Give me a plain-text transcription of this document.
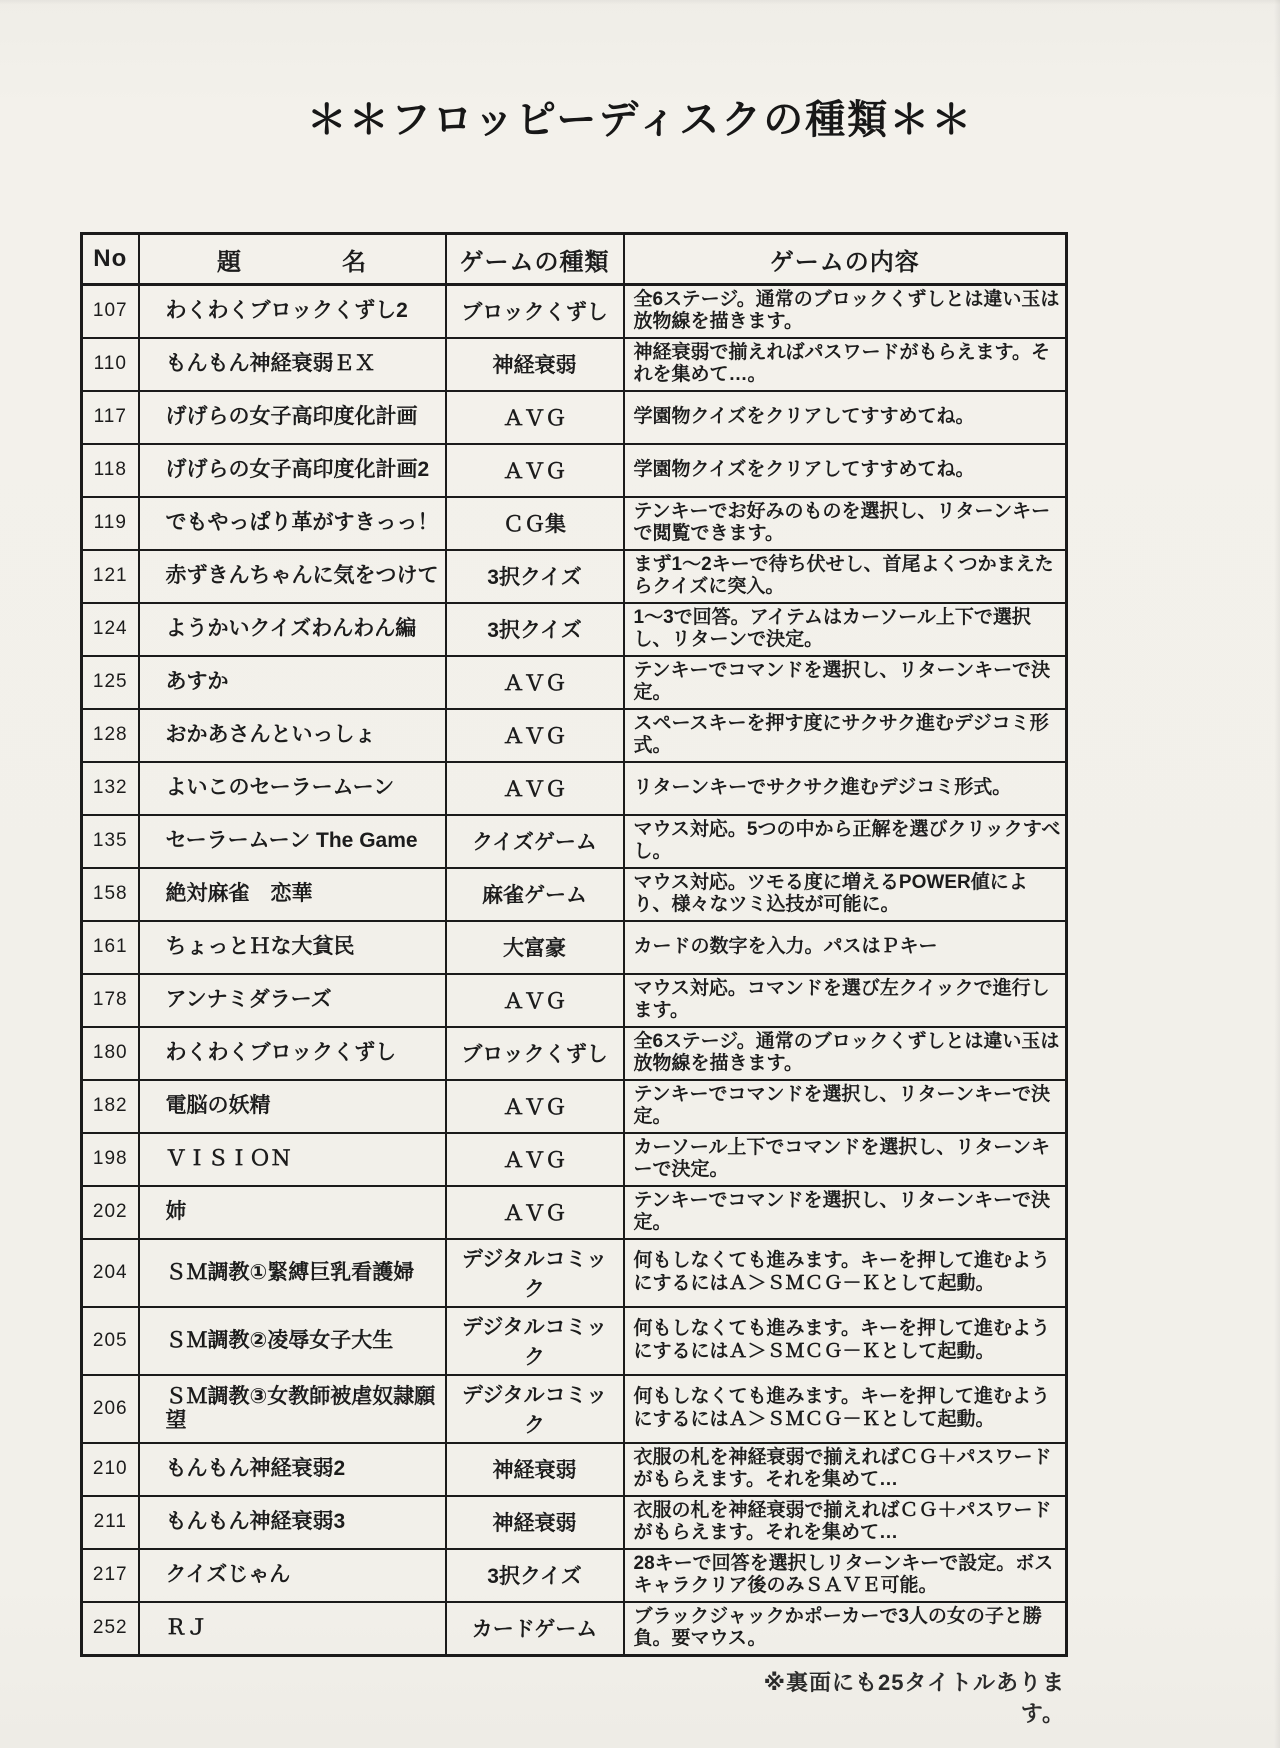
＊＊フロッピーディスクの種類＊＊
No	題　　　　名	ゲームの種類	ゲームの内容
107	わくわくブロックくずし2	ブロックくずし	全6ステージ。通常のブロックくずしとは違い玉は放物線を描きます。
110	もんもん神経衰弱ＥＸ	神経衰弱	神経衰弱で揃えればパスワードがもらえます。それを集めて…。
117	げげらの女子高印度化計画	ＡＶＧ	学園物クイズをクリアしてすすめてね。
118	げげらの女子高印度化計画2	ＡＶＧ	学園物クイズをクリアしてすすめてね。
119	でもやっぱり革がすきっっ！	ＣＧ集	テンキーでお好みのものを選択し、リターンキーで閲覧できます。
121	赤ずきんちゃんに気をつけて	3択クイズ	まず1～2キーで待ち伏せし、首尾よくつかまえたらクイズに突入。
124	ようかいクイズわんわん編	3択クイズ	1～3で回答。アイテムはカーソール上下で選択し、リターンで決定。
125	あすか	ＡＶＧ	テンキーでコマンドを選択し、リターンキーで決定。
128	おかあさんといっしょ	ＡＶＧ	スペースキーを押す度にサクサク進むデジコミ形式。
132	よいこのセーラームーン	ＡＶＧ	リターンキーでサクサク進むデジコミ形式。
135	セーラームーン The Game	クイズゲーム	マウス対応。5つの中から正解を選びクリックすべし。
158	絶対麻雀　恋華	麻雀ゲーム	マウス対応。ツモる度に増えるPOWER値により、様々なツミ込技が可能に。
161	ちょっとＨな大貧民	大富豪	カードの数字を入力。パスはＰキー
178	アンナミダラーズ	ＡＶＧ	マウス対応。コマンドを選び左クイックで進行します。
180	わくわくブロックくずし	ブロックくずし	全6ステージ。通常のブロックくずしとは違い玉は放物線を描きます。
182	電脳の妖精	ＡＶＧ	テンキーでコマンドを選択し、リターンキーで決定。
198	ＶＩＳＩＯＮ	ＡＶＧ	カーソール上下でコマンドを選択し、リターンキーで決定。
202	姉	ＡＶＧ	テンキーでコマンドを選択し、リターンキーで決定。
204	ＳＭ調教①緊縛巨乳看護婦	デジタルコミック	何もしなくても進みます。キーを押して進むようにするにはＡ＞ＳＭＣＧ－Ｋとして起動。
205	ＳＭ調教②凌辱女子大生	デジタルコミック	何もしなくても進みます。キーを押して進むようにするにはＡ＞ＳＭＣＧ－Ｋとして起動。
206	ＳＭ調教③女教師被虐奴隷願望	デジタルコミック	何もしなくても進みます。キーを押して進むようにするにはＡ＞ＳＭＣＧ－Ｋとして起動。
210	もんもん神経衰弱2	神経衰弱	衣服の札を神経衰弱で揃えればＣＧ＋パスワードがもらえます。それを集めて…
211	もんもん神経衰弱3	神経衰弱	衣服の札を神経衰弱で揃えればＣＧ＋パスワードがもらえます。それを集めて…
217	クイズじゃん	3択クイズ	28キーで回答を選択しリターンキーで設定。ボスキャラクリア後のみＳＡＶＥ可能。
252	ＲＪ	カードゲーム	ブラックジャックかポーカーで3人の女の子と勝負。要マウス。
※裏面にも25タイトルあります。
